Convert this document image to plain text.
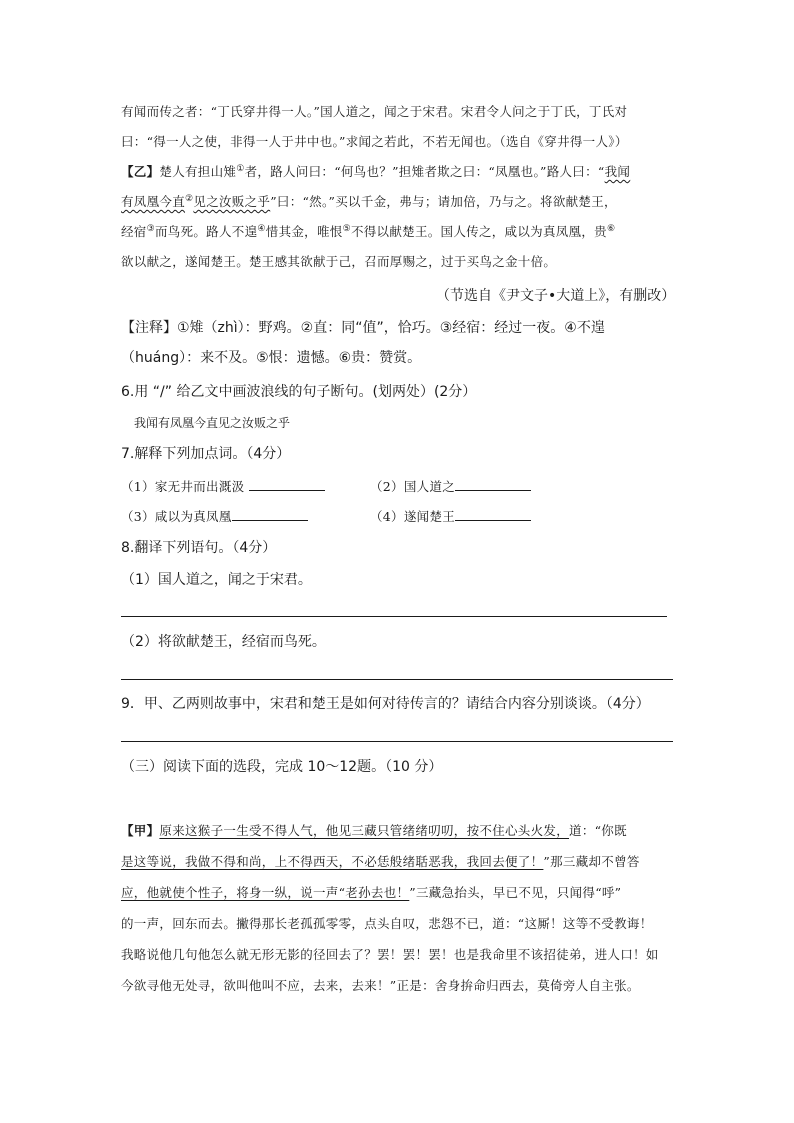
有闻而传之者：“丁氏穿井得一人。”国人道之，闻之于宋君。宋君令人问之于丁氏，丁氏对
曰：“得一人之使，非得一人于井中也。”求闻之若此，不若无闻也。（选自《穿井得一人》）
【乙】楚人有担山雉①者，路人问曰：“何鸟也？”担雉者欺之曰：“凤凰也。”路人曰：“我闻
有凤凰今直②见之汝贩之乎”曰：“然。”买以千金，弗与；请加倍，乃与之。将欲献楚王，
经宿③而鸟死。路人不遑④惜其金，唯恨⑤不得以献楚王。国人传之，咸以为真凤凰，贵⑥
欲以献之，遂闻楚王。楚王感其欲献于己，召而厚赐之，过于买鸟之金十倍。
（节选自《尹文子•大道上》，有删改）
【注释】①雉（zhì）：野鸡。②直：同“值”，恰巧。③经宿：经过一夜。④不遑
（huáng）：来不及。⑤恨：遗憾。⑥贵：赞赏。
6.用 “/” 给乙文中画波浪线的句子断句。(划两处）(2分）
我闻有凤凰今直见之汝贩之乎
7.解释下列加点词。（4分）
（1）家无井而出溉汲	（2）国人道之
（3）咸以为真凤凰	（4）遂闻楚王
8.翻译下列语句。（4分）
（1）国人道之，闻之于宋君。
（2）将欲献楚王，经宿而鸟死。
9．甲、乙两则故事中，宋君和楚王是如何对待传言的？请结合内容分别谈谈。（4分）
（三）阅读下面的选段，完成 10～12题。（10 分）
【甲】原来这猴子一生受不得人气，他见三藏只管绪绪叨叨，按不住心头火发，道：“你既
是这等说，我做不得和尚，上不得西天，不必恁般绪聒恶我，我回去便了！”那三藏却不曾答
应，他就使个性子，将身一纵，说一声“老孙去也！”三藏急抬头，早已不见，只闻得“呼”
的一声，回东而去。撇得那长老孤孤零零，点头自叹，悲怨不已，道：“这厮！这等不受教诲！
我略说他几句他怎么就无形无影的径回去了？罢！罢！罢！也是我命里不该招徒弟，进人口！如
今欲寻他无处寻，欲叫他叫不应，去来，去来！”正是：舍身拚命归西去，莫倚旁人自主张。
